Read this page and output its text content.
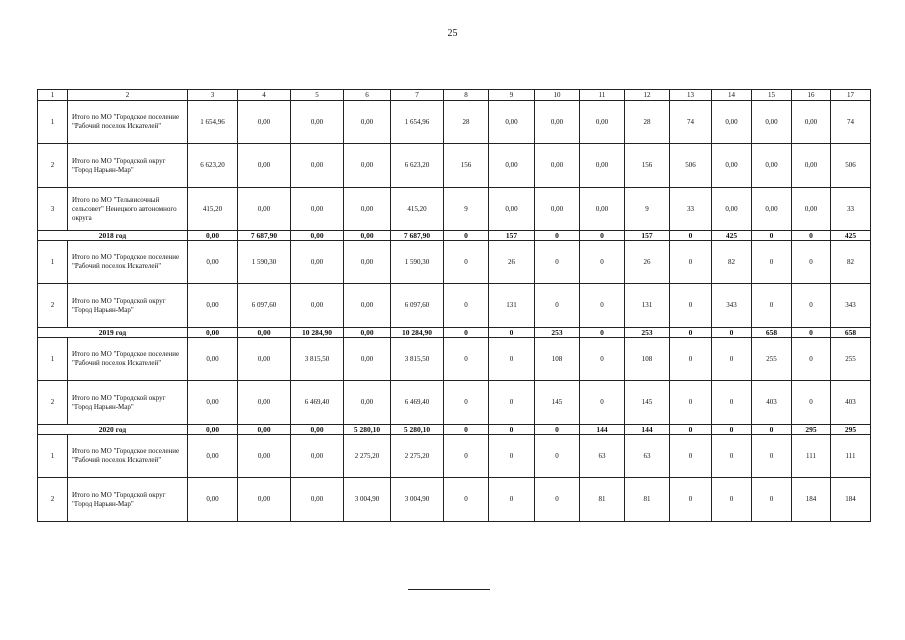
25
1	2	3	4	5	6	7	8	9	10	11	12	13	14	15	16	17
1	Итого по МО "Городское поселение "Рабочий поселок Искателей"	1 654,96	0,00	0,00	0,00	1 654,96	28	0,00	0,00	0,00	28	74	0,00	0,00	0,00	74
2	Итого по МО "Городской округ "Город Нарьян-Мар"	6 623,20	0,00	0,00	0,00	6 623,20	156	0,00	0,00	0,00	156	506	0,00	0,00	0,00	506
3	Итого по МО "Тельвисочный сельсовет" Ненецкого автономного округа	415,20	0,00	0,00	0,00	415,20	9	0,00	0,00	0,00	9	33	0,00	0,00	0,00	33
2018 год		0,00	7 687,90	0,00	0,00	7 687,90	0	157	0	0	157	0	425	0	0	425
1	Итого по МО "Городское поселение "Рабочий поселок Искателей"	0,00	1 590,30	0,00	0,00	1 590,30	0	26	0	0	26	0	82	0	0	82
2	Итого по МО "Городской округ "Город Нарьян-Мар"	0,00	6 097,60	0,00	0,00	6 097,60	0	131	0	0	131	0	343	0	0	343
2019 год		0,00	0,00	10 284,90	0,00	10 284,90	0	0	253	0	253	0	0	658	0	658
1	Итого по МО "Городское поселение "Рабочий поселок Искателей"	0,00	0,00	3 815,50	0,00	3 815,50	0	0	108	0	108	0	0	255	0	255
2	Итого по МО "Городской округ "Город Нарьян-Мар"	0,00	0,00	6 469,40	0,00	6 469,40	0	0	145	0	145	0	0	403	0	403
2020 год		0,00	0,00	0,00	5 280,10	5 280,10	0	0	0	144	144	0	0	0	295	295
1	Итого по МО "Городское поселение "Рабочий поселок Искателей"	0,00	0,00	0,00	2 275,20	2 275,20	0	0	0	63	63	0	0	0	111	111
2	Итого по МО "Городской округ "Город Нарьян-Мар"	0,00	0,00	0,00	3 004,90	3 004,90	0	0	0	81	81	0	0	0	184	184
